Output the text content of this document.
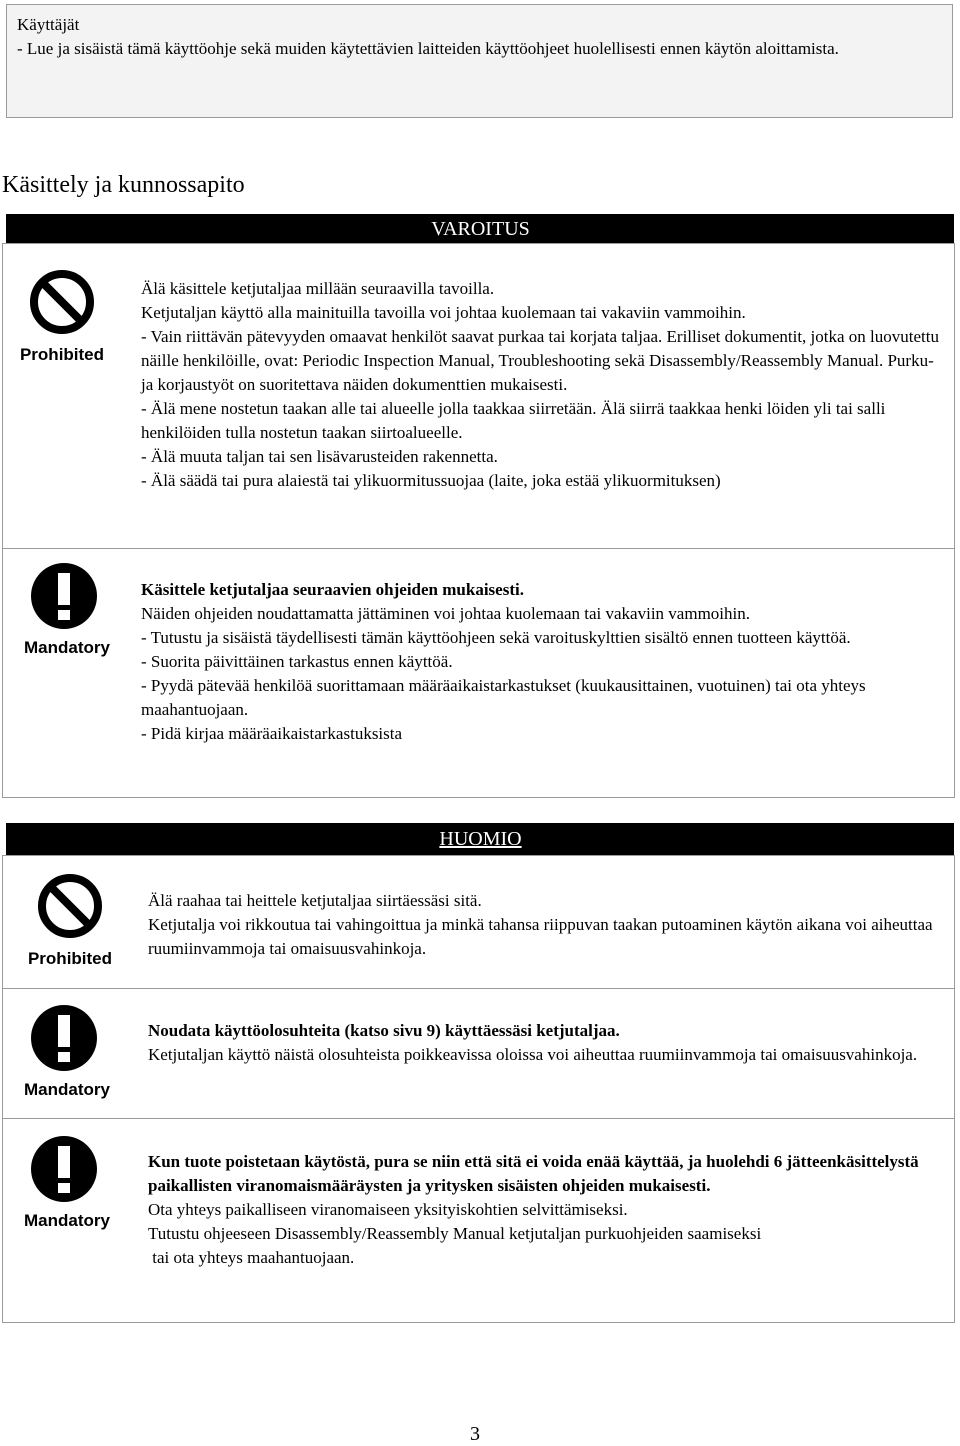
Käyttäjät
- Lue ja sisäistä tämä käyttöohje sekä muiden käytettävien laitteiden käyttöohjeet huolellisesti ennen käytön aloittamista.
Käsittely ja kunnossapito
VAROITUS
HUOMIO
Prohibited
Mandatory
Prohibited
Mandatory
Mandatory

Älä käsittele ketjutaljaa millään seuraavilla tavoilla.

Ketjutaljan käyttö alla mainituilla tavoilla voi johtaa kuolemaan tai vakaviin vammoihin.

- Vain riittävän pätevyyden omaavat henkilöt saavat purkaa tai korjata taljaa. Erilliset dokumentit, jotka on luovutettu näille henkilöille, ovat: Periodic Inspection Manual, Troubleshooting sekä Disassembly/Reassembly Manual. Purku- ja korjaustyöt on suoritettava näiden dokumenttien mukaisesti.

- Älä mene nostetun taakan alle tai alueelle jolla taakkaa siirretään. Älä siirrä taakkaa henki löiden yli tai salli henkilöiden tulla nostetun taakan siirtoalueelle.

- Älä muuta taljan tai sen lisävarusteiden rakennetta.

- Älä säädä tai pura alaiestä tai ylikuormitussuojaa (laite, joka estää ylikuormituksen)

Käsittele ketjutaljaa seuraavien ohjeiden mukaisesti.

Näiden ohjeiden noudattamatta jättäminen voi johtaa kuolemaan tai vakaviin vammoihin.

- Tutustu ja sisäistä täydellisesti tämän käyttöohjeen sekä varoituskylttien sisältö ennen tuotteen käyttöä.

- Suorita päivittäinen tarkastus ennen käyttöä.

- Pyydä pätevää henkilöä suorittamaan määräaikaistarkastukset (kuukausittainen, vuotuinen) tai ota yhteys maahantuojaan.

- Pidä kirjaa määräaikaistarkastuksista

Älä raahaa tai heittele ketjutaljaa siirtäessäsi sitä.

Ketjutalja voi rikkoutua tai vahingoittua ja minkä tahansa riippuvan taakan putoaminen käytön aikana voi aiheuttaa ruumiinvammoja tai omaisuusvahinkoja.

Noudata käyttöolosuhteita (katso sivu 9) käyttäessäsi ketjutaljaa.

Ketjutaljan käyttö näistä olosuhteista poikkeavissa oloissa voi aiheuttaa ruumiinvammoja tai omaisuusvahinkoja.

Kun tuote poistetaan käytöstä, pura se niin että sitä ei voida enää käyttää, ja huolehdi 6 jätteenkäsittelystä paikallisten viranomaismääräysten ja yritysken sisäisten ohjeiden mukaisesti.

Ota yhteys paikalliseen viranomaiseen yksityiskohtien selvittämiseksi.

Tutustu ohjeeseen Disassembly/Reassembly Manual ketjutaljan purkuohjeiden saamiseksi

tai ota yhteys maahantuojaan.

3
